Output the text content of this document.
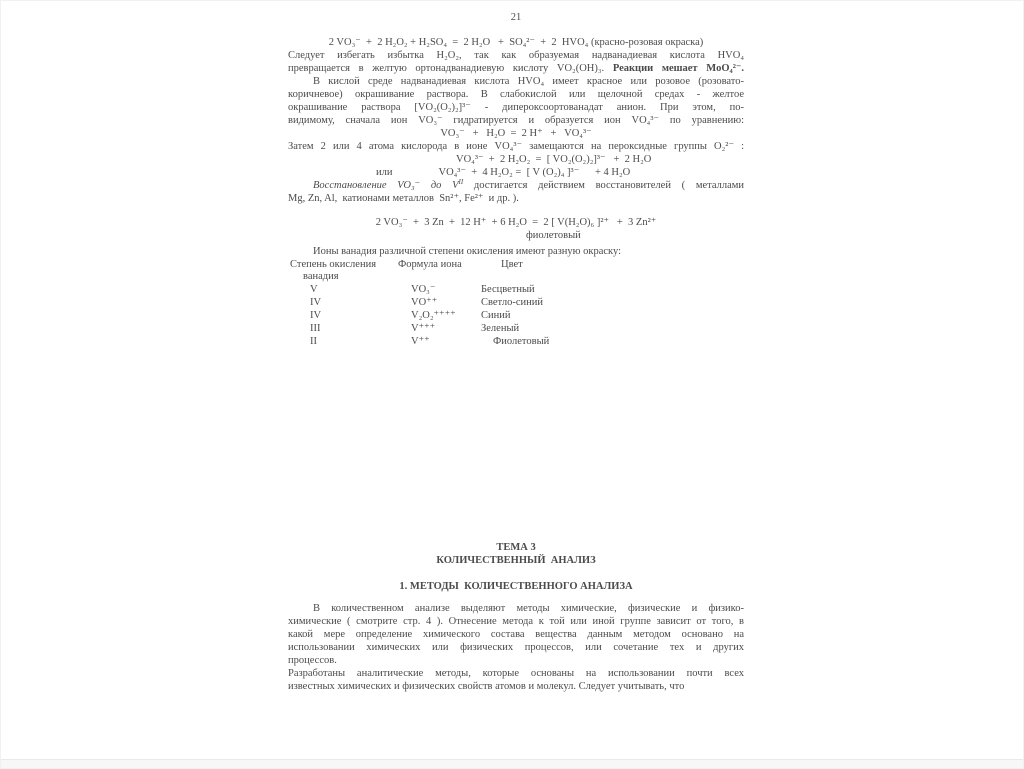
21
2 VO₃⁻  +  2 H₂O₂ + H₂SO₄  =  2 H₂O   +  SO₄²⁻  +  2  HVO₄ (красно-розовая окраска)
Следует избегать избытка H₂O₂, так как образуемая надванадиевая кислота HVO₄
превращается в желтую ортонадванадиевую кислоту VO₂(OH)₃. Реакции мешает MoO₄²⁻.
В кислой среде надванадиевая кислота HVO₄ имеет красное или розовое (розовато-
коричневое) окрашивание раствора. В слабокислой или щелочной средах - желтое
окрашивание раствора [VO₂(O₂)₂]³⁻ - дипероксоортованадат анион. При этом, по-
видимому, сначала ион VO₃⁻ гидратируется и образуется ион VO₄³⁻ по уравнению:
VO₃⁻   +   H₂O  =  2 H⁺   +   VO₄³⁻
Затем 2 или 4 атома кислорода в ионе VO₄³⁻ замещаются на пероксидные группы O₂²⁻ :
VO₄³⁻  +  2 H₂O₂  =  [ VO₂(O₂)₂]³⁻   +  2 H₂O
или	VO₄³⁻  +  4 H₂O₂ =  [ V (O₂)₄ ]³⁻      + 4 H₂O
Восстановление VO₃⁻ до $V^{II}$ достигается действием восстановителей ( металлами
Mg, Zn, Al,  катионами металлов  Sn²⁺, Fe²⁺  и др. ).
2 VO₃⁻  +  3 Zn  +  12 H⁺  + 6 H₂O  =  2 [ V(H₂O)₆ ]²⁺   +  3 Zn²⁺
фиолетовый
Ионы ванадия различной степени окисления имеют разную окраску:
Степень окисления	Формула иона	Цвет
ванадия
V	VO₃⁻	Бесцветный
IV	VO⁺⁺	Светло-синий
IV	V₂O₂⁺⁺⁺⁺	Синий
III	V⁺⁺⁺	Зеленый
II	V⁺⁺	Фиолетовый
ТЕМА 3
КОЛИЧЕСТВЕННЫЙ  АНАЛИЗ
1. МЕТОДЫ  КОЛИЧЕСТВЕННОГО АНАЛИЗА
В количественном анализе выделяют методы химические, физические и физико-
химические ( смотрите стр. 4 ). Отнесение метода к той или иной группе зависит от того, в
какой мере определение химического состава вещества данным методом основано на
использовании химических или физических процессов, или сочетание тех и других
процессов.
Разработаны аналитические методы, которые основаны на использовании почти всех
известных химических и физических свойств атомов и молекул. Следует учитывать, что
